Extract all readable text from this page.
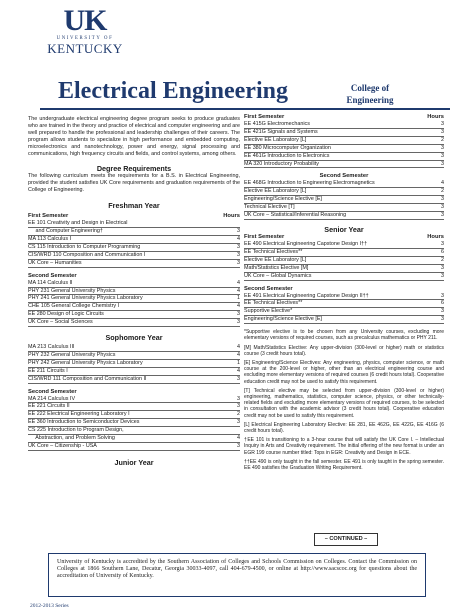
UK
UNIVERSITY OF
KENTUCKY
Electrical Engineering	College of
Engineering
The undergraduate electrical engineering degree program seeks to produce graduates who are trained in the theory and practice of electrical and computer engineering and are well prepared to handle the professional and leadership challenges of their careers. The program allows students to specialize in high performance and embedded computing, microelectronics and nanotechnology, power and energy, signal processing and communications, high frequency circuits and fields, and control systems, among others.
Degree Requirements
The following curriculum meets the requirements for a B.S. in Electrical Engineering, provided the student satisfies UK Core requirements and graduation requirements of the College of Engineering.
Freshman Year
First Semester	Hours
EE 101 Creativity and Design in Electrical
and Computer Engineering†	3
MA 113 Calculus I	4
CS 115 Introduction to Computer Programming	3
CIS/WRD 110 Composition and Communication I	3
UK Core – Humanities	3
Second Semester
MA 114 Calculus II	4
PHY 231 General University Physics	4
PHY 241 General University Physics Laboratory	1
CHE 105 General College Chemistry I	4
EE 280 Design of Logic Circuits	3
UK Core – Social Sciences	3
Sophomore Year
MA 213 Calculus III	4
PHY 232 General University Physics	4
PHY 242 General University Physics Laboratory	1
EE 211 Circuits I	4
CIS/WRD 111 Composition and Communication II	3
Second Semester
MA 214 Calculus IV	3
EE 221 Circuits II	3
EE 222 Electrical Engineering Laboratory I	2
EE 360 Introduction to Semiconductor Devices	3
CS 225 Introduction to Program Design,
Abstraction, and Problem Solving	4
UK Core – Citizenship - USA	3
Junior Year
First Semester	Hours
EE 415G Electromechanics	3
EE 421G Signals and Systems	3
Elective EE Laboratory [L]	2
EE 380 Microcomputer Organization	3
EE 461G Introduction to Electronics	3
MA 320 Introductory Probability	3
Second Semester
EE 468G Introduction to Engineering Electromagnetics	4
Elective EE Laboratory [L]	2
Engineering/Science Elective [E]	3
Technical Elective [T]	3
UK Core – Statistical/Inferential Reasoning	3
Senior Year
First Semester	Hours
EE 490 Electrical Engineering Capstone Design I††	3
EE Technical Electives**	6
Elective EE Laboratory [L]	2
Math/Statistics Elective [M]	3
UK Core – Global Dynamics	3
Second Semester
EE 491 Electrical Engineering Capstone Design II††	3
EE Technical Electives**	6
Supportive Elective*	3
Engineering/Science Elective [E]	3

*Supportive elective is to be chosen from any University courses, excluding more elementary versions of required courses, such as precalculus mathematics or PHY 211.

[M] Math/Statistics Elective: Any upper-division (300-level or higher) math or statistics course (3 credit hours total).

[E] Engineering/Science Electives: Any engineering, physics, computer science, or math course at the 200-level or higher, other than an electrical engineering course and excluding more elementary versions of required courses (6 credit hours total). Cooperative education credit may not be used to satisfy this requirement.

[T] Technical elective may be selected from upper-division (300-level or higher) engineering, mathematics, statistics, computer science, physics, or other technically-related fields and excluding more elementary versions of required courses, to be selected in consultation with the academic advisor (3 credit hours total). Cooperative education credit may not be used to satisfy this requirement.

[L] Electrical Engineering Laboratory Elective: EE 281, EE 462G, EE 422G, EE 416G (6 credit hours total).

†EE 101 is transitioning to a 3-hour course that will satisfy the UK Core I. – Intellectual Inquiry in Arts and Creativity requirement. The initial offering of the new format is under an EGR 199 course number titled: Tops in EGR: Creativity and Design in ECE.

††EE 490 is only taught in the fall semester. EE 491 is only taught in the spring semester. EE 490 satisfies the Graduation Writing Requirement.

– CONTINUED –
University of Kentucky is accredited by the Southern Association of Colleges and Schools Commission on Colleges. Contact the Commission on Colleges at 1866 Southern Lane, Decatur, Georgia 30033-4097, call 404-679-4500, or online at http://www.sacscoc.org for questions about the accreditation of University of Kentucky.
2012-2013 Series
